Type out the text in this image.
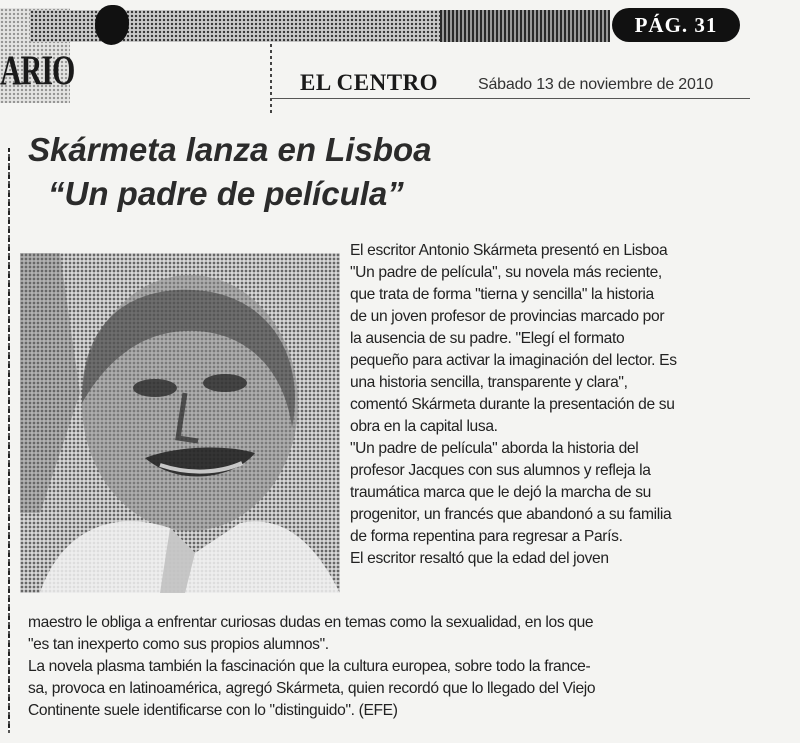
ARIO
PÁG. 31
EL CENTRO Sábado 13 de noviembre de 2010
Skármeta lanza en Lisboa
“Un padre de película”

El escritor Antonio Skármeta presentó en Lisboa

"Un padre de película", su novela más reciente,

que trata de forma "tierna y sencilla" la historia

de un joven profesor de provincias marcado por

la ausencia de su padre. "Elegí el formato

pequeño para activar la imaginación del lector. Es

una historia sencilla, transparente y clara",

comentó Skármeta durante la presentación de su

obra en la capital lusa.

"Un padre de película" aborda la historia del

profesor Jacques con sus alumnos y refleja la

traumática marca que le dejó la marcha de su

progenitor, un francés que abandonó a su familia

de forma repentina para regresar a París.

El escritor resaltó que la edad del joven

maestro le obliga a enfrentar curiosas dudas en temas como la sexualidad, en los que

"es tan inexperto como sus propios alumnos".

La novela plasma también la fascinación que la cultura europea, sobre todo la france-

sa, provoca en latinoamérica, agregó Skármeta, quien recordó que lo llegado del Viejo

Continente suele identificarse con lo "distinguido". (EFE)
